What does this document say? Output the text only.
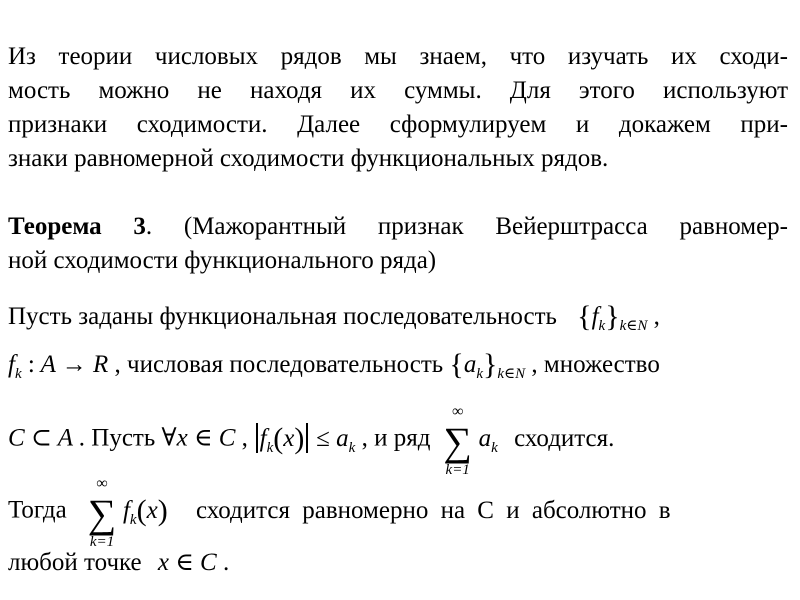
Из теории числовых рядов мы знаем, что изучать их сходи-
мость можно не находя их суммы. Для этого используют
признаки сходимости. Далее сформулируем и докажем при-
знаки равномерной сходимости функциональных рядов.
Теорема 3. (Мажорантный признак Вейерштрасса равномер-
ной сходимости функционального ряда)
Пусть заданы функциональная последовательность $\{f_k\}_{k\in N}$ ,
$f_k$ : A → R , числовая последовательность $\{a_k\}_{k\in N}$ , множество
C ⊂ A . Пусть ∀x ∈ C , $f_k(x) \le a_k$ , и ряд
∞
∑
k=1
$a_k$ сходится.
Тогда
∞
∑
k=1
$f_k(x)$ сходится равномерно на С и абсолютно в
любой точке x ∈ C .
